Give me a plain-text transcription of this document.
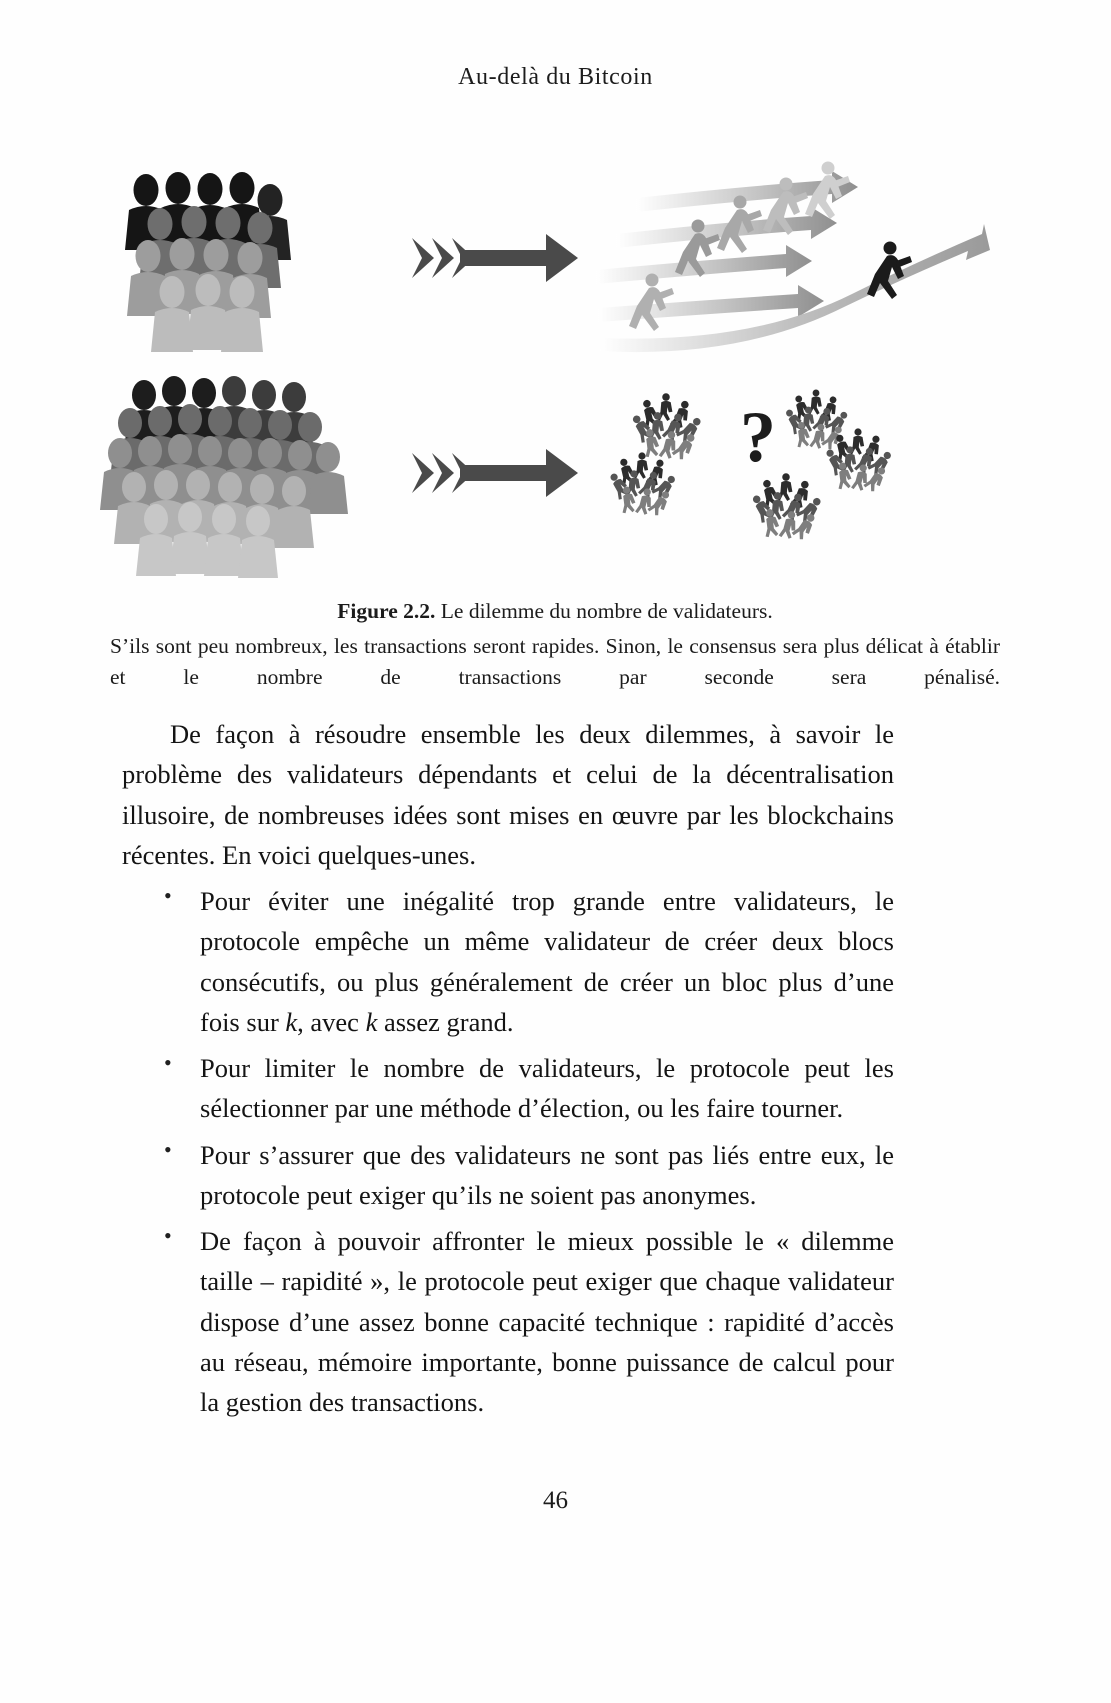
Au-delà du Bitcoin
?
Figure 2.2. Le dilemme du nombre de validateurs.
S’ils sont peu nombreux, les transactions seront rapides. Sinon, le consensus sera plus délicat à établir et le nombre de transactions par seconde sera pénalisé.

De façon à résoudre ensemble les deux dilemmes, à savoir le problème des validateurs dépendants et celui de la décentralisation illusoire, de nombreuses idées sont mises en œuvre par les blockchains récentes. En voici quelques-unes.

• Pour éviter une inégalité trop grande entre validateurs, le protocole empêche un même validateur de créer deux blocs consécutifs, ou plus généralement de créer un bloc plus d’une fois sur k, avec k assez grand.
• Pour limiter le nombre de validateurs, le protocole peut les sélectionner par une méthode d’élection, ou les faire tourner.
• Pour s’assurer que des validateurs ne sont pas liés entre eux, le protocole peut exiger qu’ils ne soient pas anonymes.
• De façon à pouvoir affronter le mieux possible le « dilemme taille – rapidité », le protocole peut exiger que chaque validateur dispose d’une assez bonne capacité technique : rapidité d’accès au réseau, mémoire importante, bonne puissance de calcul pour la gestion des transactions.
46
